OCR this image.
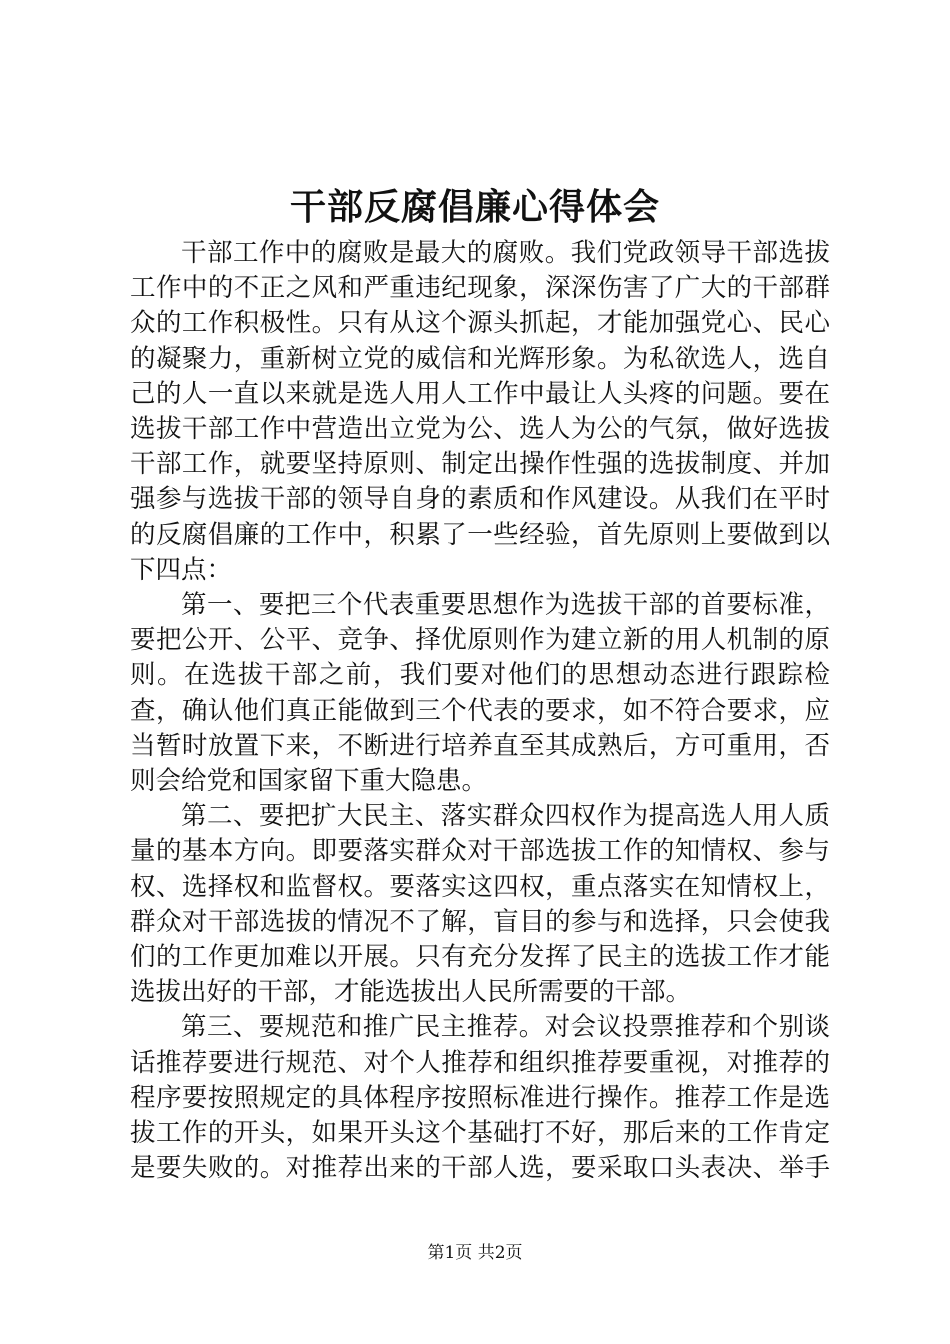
干部反腐倡廉心得体会

干部工作中的腐败是最大的腐败。我们党政领导干部选拔工作中的不正之风和严重违纪现象，深深伤害了广大的干部群众的工作积极性。只有从这个源头抓起，才能加强党心、民心的凝聚力，重新树立党的威信和光辉形象。为私欲选人，选自己的人一直以来就是选人用人工作中最让人头疼的问题。要在选拔干部工作中营造出立党为公、选人为公的气氛，做好选拔干部工作，就要坚持原则、制定出操作性强的选拔制度、并加强参与选拔干部的领导自身的素质和作风建设。从我们在平时的反腐倡廉的工作中，积累了一些经验，首先原则上要做到以下四点：

第一、要把三个代表重要思想作为选拔干部的首要标准，要把公开、公平、竞争、择优原则作为建立新的用人机制的原则。在选拔干部之前，我们要对他们的思想动态进行跟踪检查，确认他们真正能做到三个代表的要求，如不符合要求，应当暂时放置下来，不断进行培养直至其成熟后，方可重用，否则会给党和国家留下重大隐患。

第二、要把扩大民主、落实群众四权作为提高选人用人质量的基本方向。即要落实群众对干部选拔工作的知情权、参与权、选择权和监督权。要落实这四权，重点落实在知情权上，群众对干部选拔的情况不了解，盲目的参与和选择，只会使我们的工作更加难以开展。只有充分发挥了民主的选拔工作才能选拔出好的干部，才能选拔出人民所需要的干部。

第三、要规范和推广民主推荐。对会议投票推荐和个别谈话推荐要进行规范、对个人推荐和组织推荐要重视，对推荐的程序要按照规定的具体程序按照标准进行操作。推荐工作是选拔工作的开头，如果开头这个基础打不好，那后来的工作肯定是要失败的。对推荐出来的干部人选，要采取口头表决、举手

第1页 共2页
